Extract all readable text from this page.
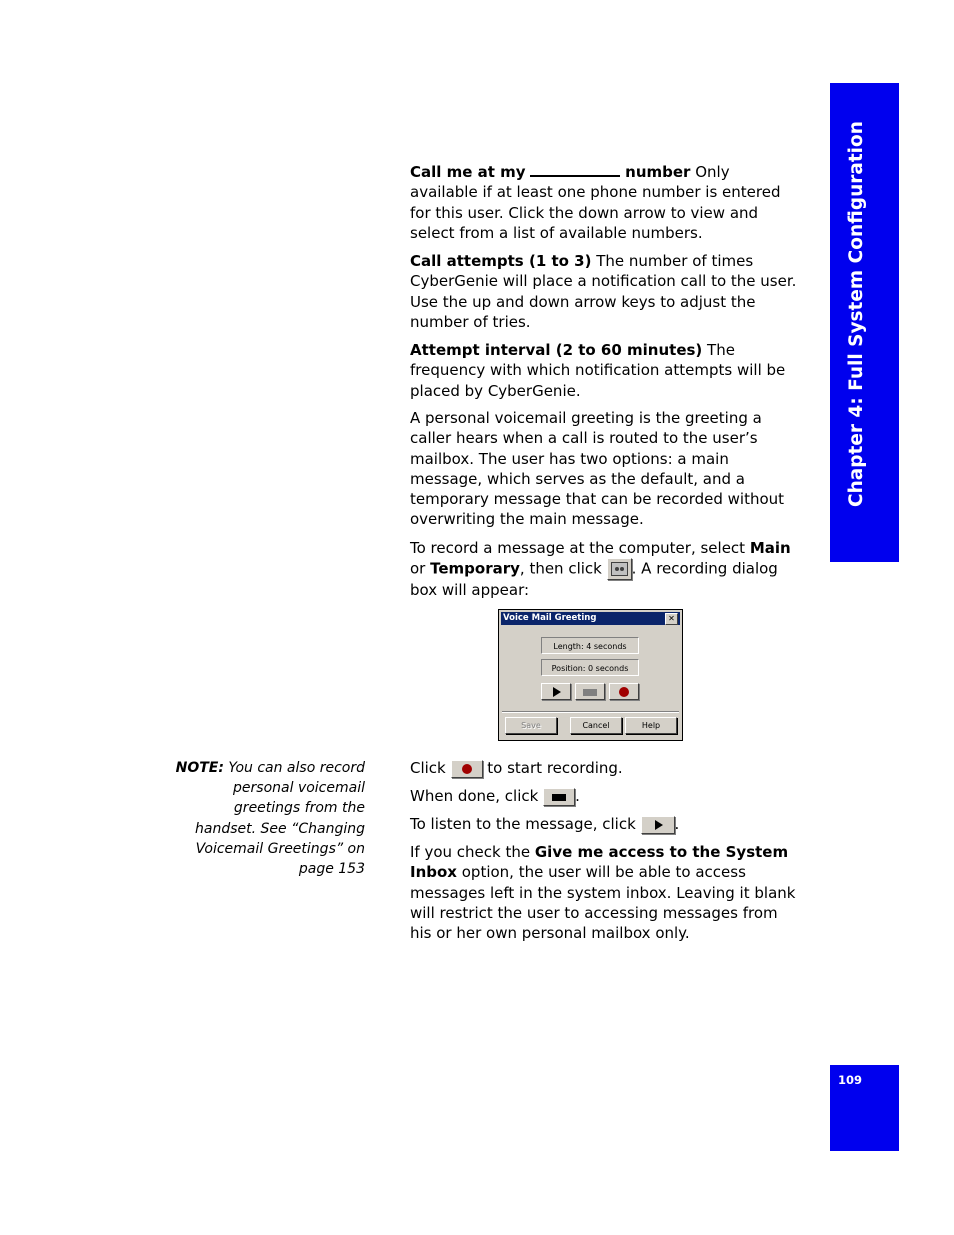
Chapter 4: Full System Configuration
109

Call me at my	number Only available if at least one phone number is entered for this user. Click the down arrow to view and select from a list of available numbers.

Call attempts (1 to 3) The number of times CyberGenie will place a notification call to the user. Use the up and down arrow keys to adjust the number of tries.

Attempt interval (2 to 60 minutes) The frequency with which notification attempts will be placed by CyberGenie.

A personal voicemail greeting is the greeting a caller hears when a call is routed to the user’s mailbox. The user has two options: a main message, which serves as the default, and a temporary message that can be recorded without overwriting the main message.

To record a message at the computer, select Main or Temporary, then click
. A recording dialog box will appear:

Voice Mail Greeting	✕
Length: 4 seconds
Position: 0 seconds
Save	Cancel	Help

NOTE: You can also record personal voicemail greetings from the handset. See “Changing Voicemail Greetings” on page 153

Click
to start recording.

When done, click
.

To listen to the message, click
.

If you check the Give me access to the System Inbox option, the user will be able to access messages left in the system inbox. Leaving it blank will restrict the user to accessing messages from his or her own personal mailbox only.
